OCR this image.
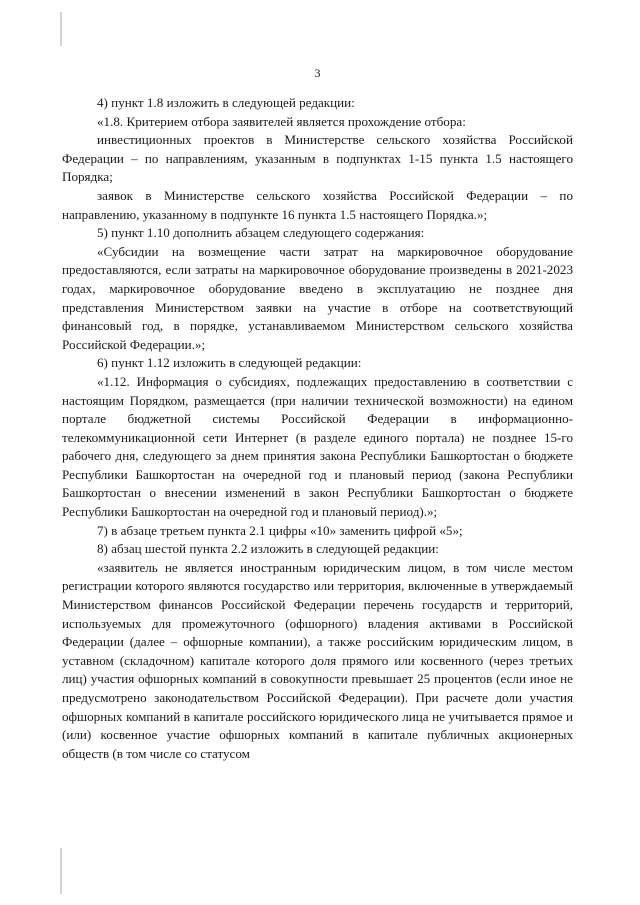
3

4) пункт 1.8 изложить в следующей редакции:

«1.8. Критерием отбора заявителей является прохождение отбора:

инвестиционных проектов в Министерстве сельского хозяйства Российской Федерации – по направлениям, указанным в подпунктах 1-15 пункта 1.5 настоящего Порядка;

заявок в Министерстве сельского хозяйства Российской Федерации – по направлению, указанному в подпункте 16 пункта 1.5 настоящего Порядка.»;

5) пункт 1.10 дополнить абзацем следующего содержания:

«Субсидии на возмещение части затрат на маркировочное оборудование предоставляются, если затраты на маркировочное оборудование произведены в 2021-2023 годах, маркировочное оборудование введено в эксплуатацию не позднее дня представления Министерством заявки на участие в отборе на соответствующий финансовый год, в порядке, устанавливаемом Министерством сельского хозяйства Российской Федерации.»;

6) пункт 1.12 изложить в следующей редакции:

«1.12. Информация о субсидиях, подлежащих предоставлению в соответствии с настоящим Порядком, размещается (при наличии технической возможности) на едином портале бюджетной системы Российской Федерации в информационно-телекоммуникационной сети Интернет (в разделе единого портала) не позднее 15-го рабочего дня, следующего за днем принятия закона Республики Башкортостан о бюджете Республики Башкортостан на очередной год и плановый период (закона Республики Башкортостан о внесении изменений в закон Республики Башкортостан о бюджете Республики Башкортостан на очередной год и плановый период).»;

7) в абзаце третьем пункта 2.1 цифры «10» заменить цифрой «5»;

8) абзац шестой пункта 2.2 изложить в следующей редакции:

«заявитель не является иностранным юридическим лицом, в том числе местом регистрации которого являются государство или территория, включенные в утверждаемый Министерством финансов Российской Федерации перечень государств и территорий, используемых для промежуточного (офшорного) владения активами в Российской Федерации (далее – офшорные компании), а также российским юридическим лицом, в уставном (складочном) капитале которого доля прямого или косвенного (через третьих лиц) участия офшорных компаний в совокупности превышает 25 процентов (если иное не предусмотрено законодательством Российской Федерации). При расчете доли участия офшорных компаний в капитале российского юридического лица не учитывается прямое и (или) косвенное участие офшорных компаний в капитале публичных акционерных обществ (в том числе со статусом
